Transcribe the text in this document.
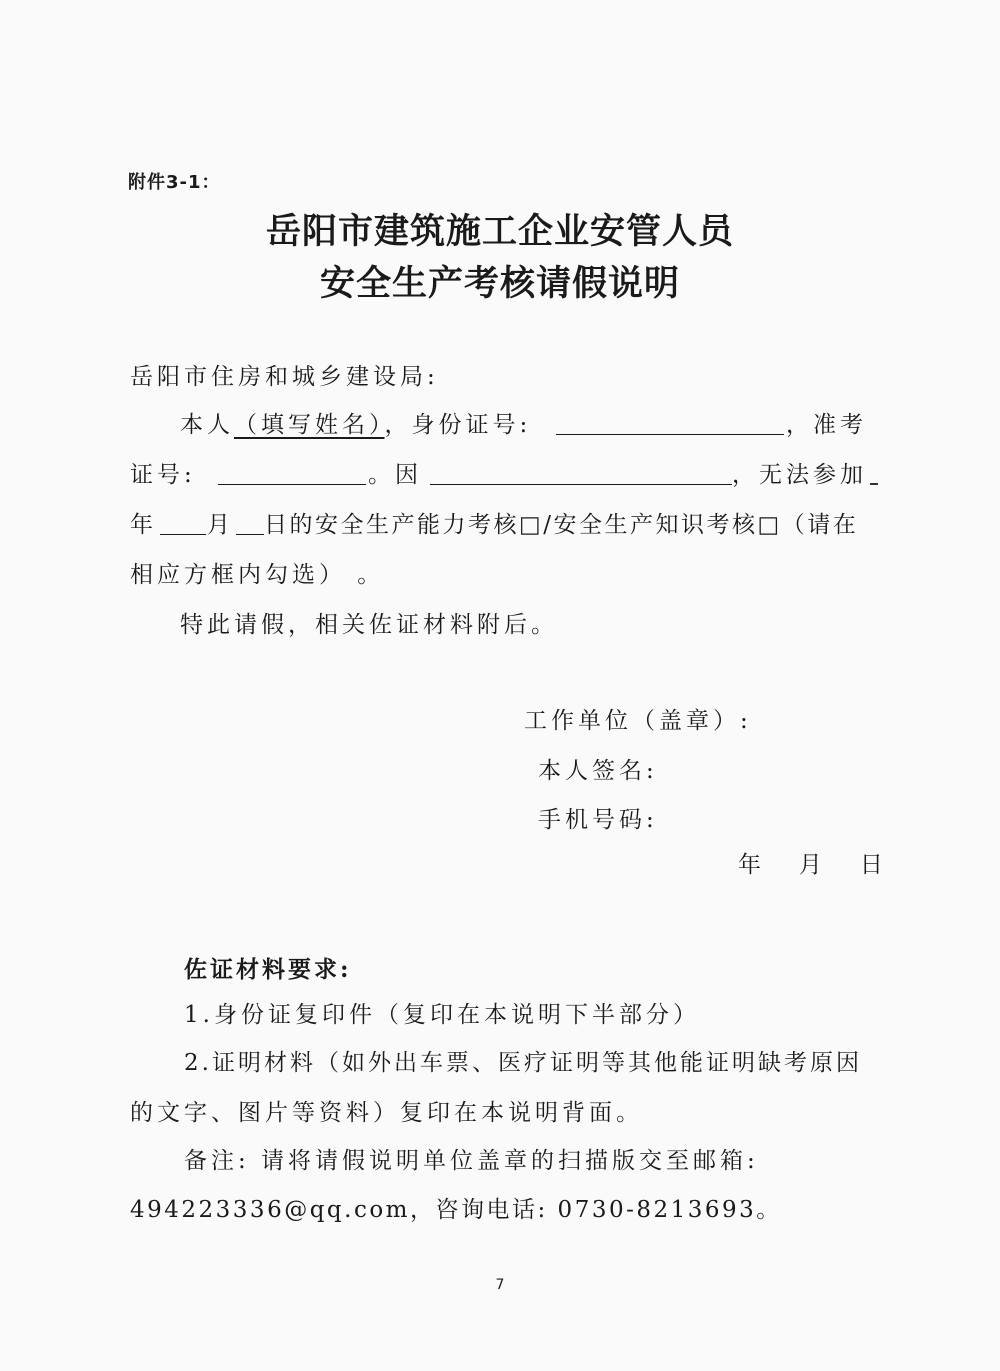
附件3-1：
岳阳市建筑施工企业安管人员
安全生产考核请假说明
岳阳市住房和城乡建设局:
本人（填写姓名），身份证号:	，准考
证号:	。因	，无法参加
年 月 日的安全生产能力考核□/安全生产知识考核□（请在
相应方框内勾选） 。
特此请假，相关佐证材料附后。
工作单位（盖章）:
本人签名:
手机号码:
年   月   日
佐证材料要求:
1.身份证复印件（复印在本说明下半部分）
2.证明材料（如外出车票、医疗证明等其他能证明缺考原因
的文字、图片等资料）复印在本说明背面。
备注: 请将请假说明单位盖章的扫描版交至邮箱:
494223336@qq.com，咨询电话: 0730-8213693。
7
